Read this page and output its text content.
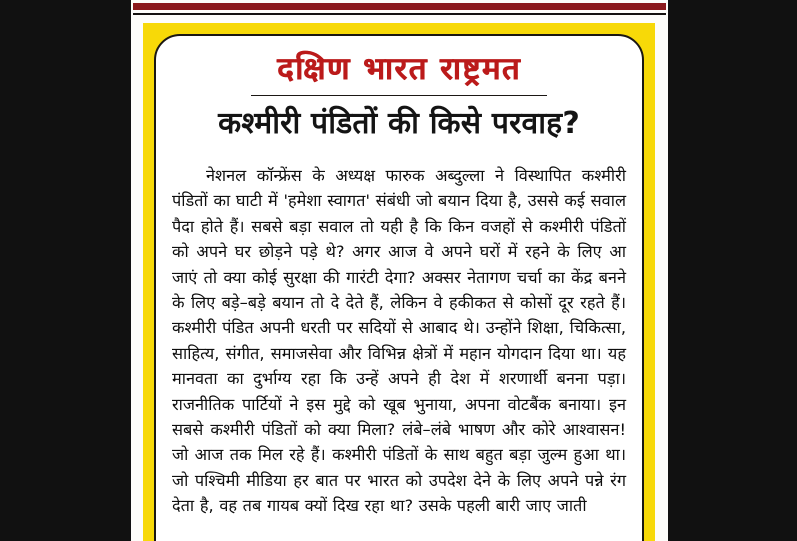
दक्षिण भारत राष्ट्रमत
कश्मीरी पंडितों की किसे परवाह?

नेशनल कॉन्फ्रेंस के अध्यक्ष फारुक अब्दुल्ला ने विस्थापित कश्मीरी पंडितों का घाटी में 'हमेशा स्वागत' संबंधी जो बयान दिया है, उससे कई सवाल पैदा होते हैं। सबसे बड़ा सवाल तो यही है कि किन वजहों से कश्मीरी पंडितों को अपने घर छोड़ने पड़े थे? अगर आज वे अपने घरों में रहने के लिए आ जाएं तो क्या कोई सुरक्षा की गारंटी देगा? अक्सर नेतागण चर्चा का केंद्र बनने के लिए बड़े–बड़े बयान तो दे देते हैं, लेकिन वे हकीकत से कोसों दूर रहते हैं। कश्मीरी पंडित अपनी धरती पर सदियों से आबाद थे। उन्होंने शिक्षा, चिकित्सा, साहित्य, संगीत, समाजसेवा और विभिन्न क्षेत्रों में महान योगदान दिया था। यह मानवता का दुर्भाग्य रहा कि उन्हें अपने ही देश में शरणार्थी बनना पड़ा। राजनीतिक पार्टियों ने इस मुद्दे को खूब भुनाया, अपना वोटबैंक बनाया। इन सबसे कश्मीरी पंडितों को क्या मिला? लंबे–लंबे भाषण और कोरे आश्वासन! जो आज तक मिल रहे हैं। कश्मीरी पंडितों के साथ बहुत बड़ा जुल्म हुआ था। जो पश्चिमी मीडिया हर बात पर भारत को उपदेश देने के लिए अपने पन्ने रंग देता है, वह तब गायब क्यों दिख रहा था? उसके पहली बारी जाए जाती
